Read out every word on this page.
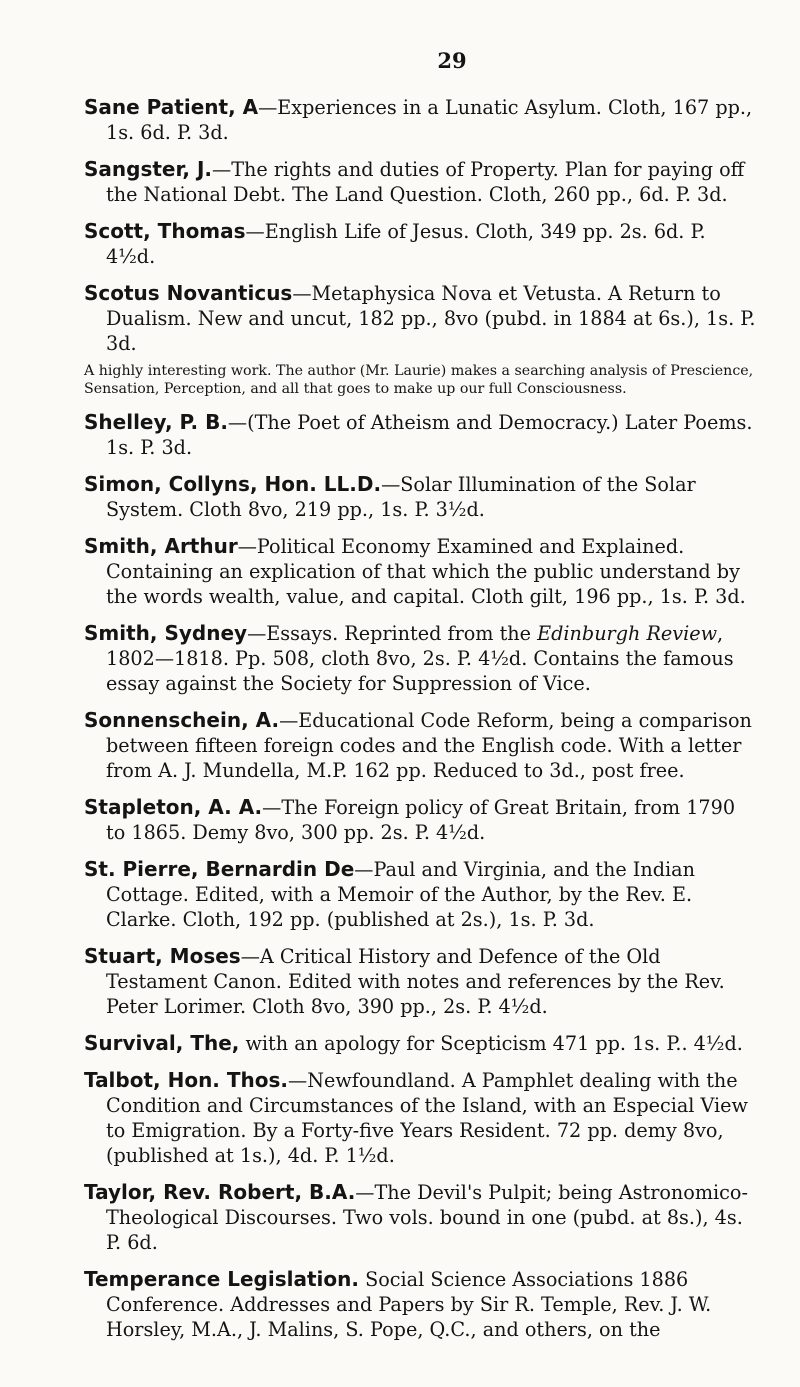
29

Sane Patient, A—Experiences in a Lunatic Asylum. Cloth, 167 pp., 1s. 6d. P. 3d.

Sangster, J.—The rights and duties of Property. Plan for paying off the National Debt. The Land Question. Cloth, 260 pp., 6d. P. 3d.

Scott, Thomas—English Life of Jesus. Cloth, 349 pp. 2s. 6d. P. 4½d.

Scotus Novanticus—Metaphysica Nova et Vetusta. A Return to Dualism. New and uncut, 182 pp., 8vo (pubd. in 1884 at 6s.), 1s. P. 3d.

A highly interesting work. The author (Mr. Laurie) makes a searching analysis of Prescience, Sensation, Perception, and all that goes to make up our full Consciousness.

Shelley, P. B.—(The Poet of Atheism and Democracy.) Later Poems. 1s. P. 3d.

Simon, Collyns, Hon. LL.D.—Solar Illumination of the Solar System. Cloth 8vo, 219 pp., 1s. P. 3½d.

Smith, Arthur—Political Economy Examined and Explained. Containing an explication of that which the public understand by the words wealth, value, and capital. Cloth gilt, 196 pp., 1s. P. 3d.

Smith, Sydney—Essays. Reprinted from the Edinburgh Review, 1802—1818. Pp. 508, cloth 8vo, 2s. P. 4½d. Contains the famous essay against the Society for Suppression of Vice.

Sonnenschein, A.—Educational Code Reform, being a comparison between fifteen foreign codes and the English code. With a letter from A. J. Mundella, M.P. 162 pp. Reduced to 3d., post free.

Stapleton, A. A.—The Foreign policy of Great Britain, from 1790 to 1865. Demy 8vo, 300 pp. 2s. P. 4½d.

St. Pierre, Bernardin De—Paul and Virginia, and the Indian Cottage. Edited, with a Memoir of the Author, by the Rev. E. Clarke. Cloth, 192 pp. (published at 2s.), 1s. P. 3d.

Stuart, Moses—A Critical History and Defence of the Old Testament Canon. Edited with notes and references by the Rev. Peter Lorimer. Cloth 8vo, 390 pp., 2s. P. 4½d.

Survival, The, with an apology for Scepticism 471 pp. 1s. P.. 4½d.

Talbot, Hon. Thos.—Newfoundland. A Pamphlet dealing with the Condition and Circumstances of the Island, with an Especial View to Emigration. By a Forty-five Years Resident. 72 pp. demy 8vo, (published at 1s.), 4d. P. 1½d.

Taylor, Rev. Robert, B.A.—The Devil's Pulpit; being Astronomico-Theological Discourses. Two vols. bound in one (pubd. at 8s.), 4s. P. 6d.

Temperance Legislation. Social Science Associations 1886 Conference. Addresses and Papers by Sir R. Temple, Rev. J. W. Horsley, M.A., J. Malins, S. Pope, Q.C., and others, on the
